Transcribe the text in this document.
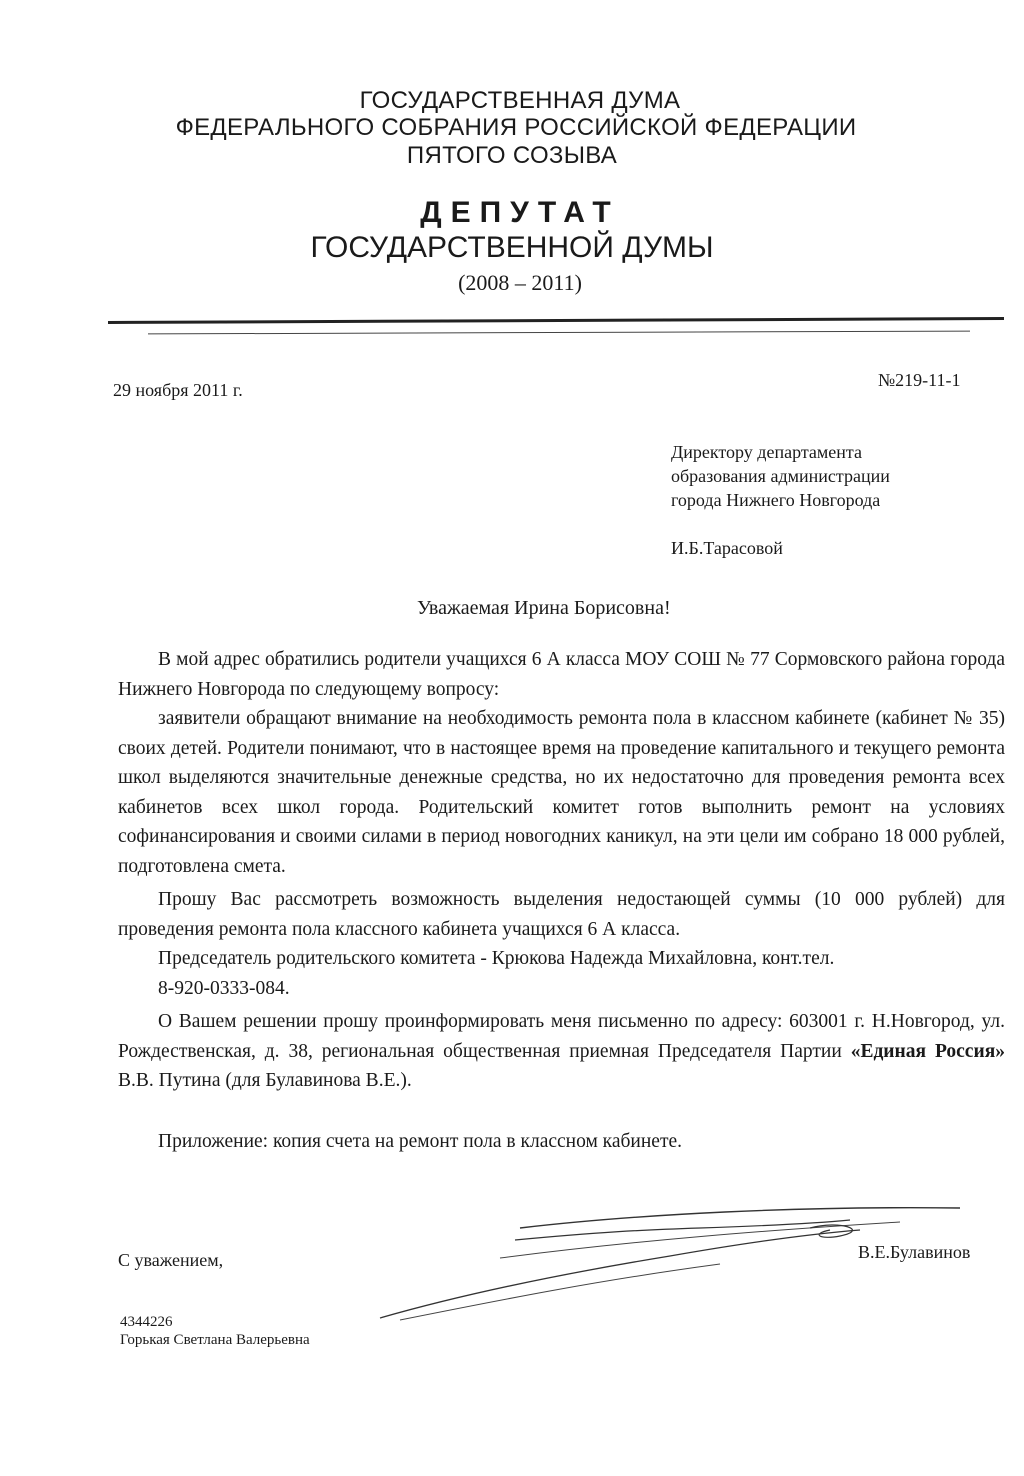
ГОСУДАРСТВЕННАЯ ДУМА
ФЕДЕРАЛЬНОГО СОБРАНИЯ РОССИЙСКОЙ ФЕДЕРАЦИИ
ПЯТОГО СОЗЫВА
ДЕПУТАТ
ГОСУДАРСТВЕННОЙ ДУМЫ
(2008 – 2011)
29 ноября 2011 г.	№219-11-1
Директору департамента
образования администрации
города Нижнего Новгорода
И.Б.Тарасовой
Уважаемая Ирина Борисовна!
В мой адрес обратились родители учащихся 6 А класса МОУ СОШ № 77 Сормовского района города Нижнего Новгорода по следующему вопросу:
заявители обращают внимание на необходимость ремонта пола в классном кабинете (кабинет № 35) своих детей. Родители понимают, что в настоящее время на проведение капитального и текущего ремонта школ выделяются значительные денежные средства, но их недостаточно для проведения ремонта всех кабинетов всех школ города. Родительский комитет готов выполнить ремонт на условиях софинансирования и своими силами в период новогодних каникул, на эти цели им собрано 18 000 рублей, подготовлена смета.
Прошу Вас рассмотреть возможность выделения недостающей суммы (10 000 рублей) для проведения ремонта пола классного кабинета учащихся 6 А класса.
Председатель родительского комитета - Крюкова Надежда Михайловна, конт.тел.
8-920-0333-084.
О Вашем решении прошу проинформировать меня письменно по адресу: 603001 г. Н.Новгород, ул. Рождественская, д. 38, региональная общественная приемная Председателя Партии «Единая Россия» В.В. Путина (для Булавинова В.Е.).
Приложение: копия счета на ремонт пола в классном кабинете.
С уважением,	В.Е.Булавинов
4344226
Горькая Светлана Валерьевна
